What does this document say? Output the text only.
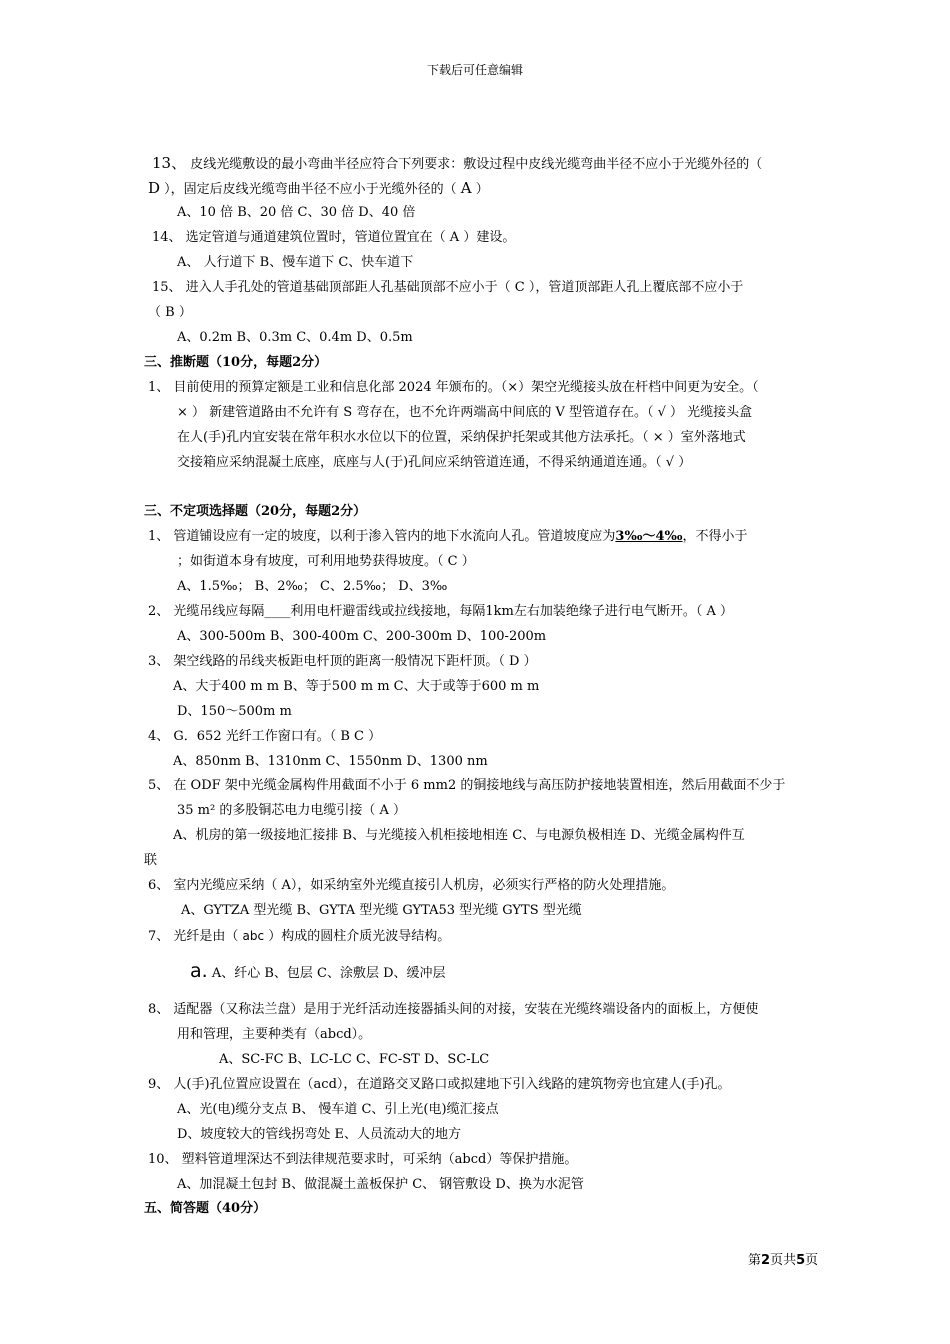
下载后可任意编辑
13、 皮线光缆敷设的最小弯曲半径应符合下列要求：敷设过程中皮线光缆弯曲半径不应小于光缆外径的（
D ），固定后皮线光缆弯曲半径不应小于光缆外径的（ A ）
A、10 倍 B、20 倍 C、30 倍 D、40 倍
14、 选定管道与通道建筑位置时，管道位置宜在（ A ）建设。
A、 人行道下 B、慢车道下 C、快车道下
15、 进入人手孔处的管道基础顶部距人孔基础顶部不应小于（ C ），管道顶部距人孔上覆底部不应小于
（ B ）
A、0.2m B、0.3m C、0.4m D、0.5m
三、推断题（10分，每题2分）
1、 目前使用的预算定额是工业和信息化部 2024 年颁布的。（×）架空光缆接头放在杆档中间更为安全。（
× ） 新建管道路由不允许有 S 弯存在，也不允许两端高中间底的 V 型管道存在。（ √ ） 光缆接头盒
在人(手)孔内宜安装在常年积水水位以下的位置，采纳保护托架或其他方法承托。（ × ）室外落地式
交接箱应采纳混凝土底座，底座与人(于)孔间应采纳管道连通，不得采纳通道连通。（ √ ）
三、不定项选择题（20分，每题2分）
1、 管道铺设应有一定的坡度，以利于渗入管内的地下水流向人孔。管道坡度应为3‰～4‰，不得小于
；如街道本身有坡度，可利用地势获得坡度。（ C ）
A、1.5‰； B、2‰； C、2.5‰； D、3‰
2、 光缆吊线应每隔____利用电杆避雷线或拉线接地，每隔1km左右加装绝缘子进行电气断开。（ A ）
A、300-500m B、300-400m C、200-300m D、100-200m
3、 架空线路的吊线夹板距电杆顶的距离一般情况下距杆顶。（ D ）
A、大于400 m m B、等于500 m m C、大于或等于600 m m
D、150～500m m
4、 G．652 光纤工作窗口有。（ B C ）
A、850nm B、1310nm C、1550nm D、1300 nm
5、 在 ODF 架中光缆金属构件用截面不小于 6 mm2 的铜接地线与高压防护接地装置相连，然后用截面不少于
35 m² 的多股铜芯电力电缆引接（ A ）
A、机房的第一级接地汇接排 B、与光缆接入机柜接地相连 C、与电源负极相连 D、光缆金属构件互
联
6、 室内光缆应采纳（ A），如采纳室外光缆直接引人机房，必须实行严格的防火处理措施。
A、GYTZA 型光缆 B、GYTA 型光缆 GYTA53 型光缆 GYTS 型光缆
7、 光纤是由（ abc ）构成的圆柱介质光波导结构。
a. A、纤心 B、包层 C、涂敷层 D、缓冲层
8、 适配器（又称法兰盘）是用于光纤活动连接器插头间的对接，安装在光缆终端设备内的面板上，方便使
用和管理，主要种类有（abcd）。
A、SC-FC B、LC-LC C、FC-ST D、SC-LC
9、 人(手)孔位置应设置在（acd），在道路交叉路口或拟建地下引入线路的建筑物旁也宜建人(手)孔。
A、光(电)缆分支点 B、 慢车道 C、引上光(电)缆汇接点
D、坡度较大的管线拐弯处 E、人员流动大的地方
10、 塑料管道埋深达不到法律规范要求时，可采纳（abcd）等保护措施。
A、加混凝土包封 B、做混凝土盖板保护 C、 钢管敷设 D、换为水泥管
五、简答题（40分）
第2页共5页
